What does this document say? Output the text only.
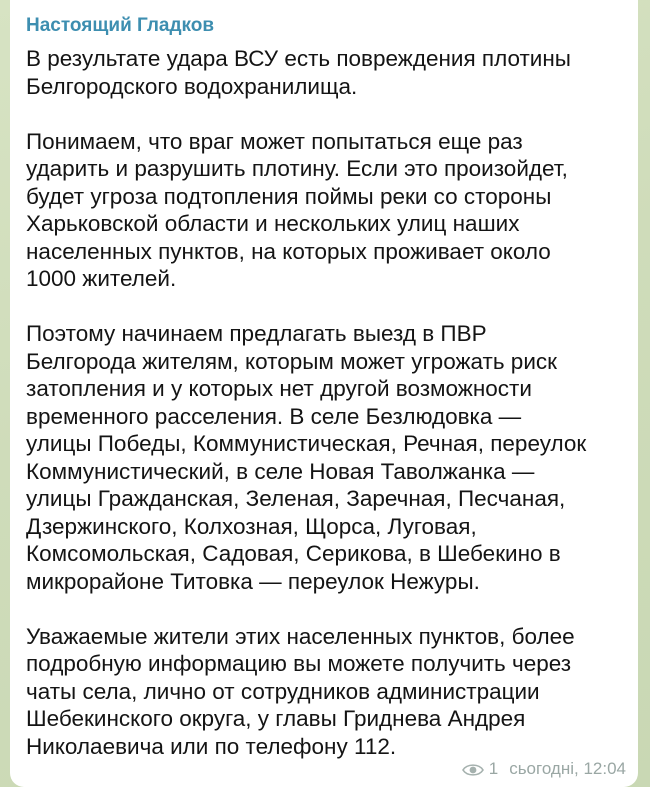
Настоящий Гладков
В результате удара ВСУ есть повреждения плотины
Белгородского водохранилища.
Понимаем, что враг может попытаться еще раз
ударить и разрушить плотину. Если это произойдет,
будет угроза подтопления поймы реки со стороны
Харьковской области и нескольких улиц наших
населенных пунктов, на которых проживает около
1000 жителей.
Поэтому начинаем предлагать выезд в ПВР
Белгорода жителям, которым может угрожать риск
затопления и у которых нет другой возможности
временного расселения. В селе Безлюдовка —
улицы Победы, Коммунистическая, Речная, переулок
Коммунистический, в селе Новая Таволжанка —
улицы Гражданская, Зеленая, Заречная, Песчаная,
Дзержинского, Колхозная, Щорса, Луговая,
Комсомольская, Садовая, Серикова, в Шебекино в
микрорайоне Титовка — переулок Нежуры.
Уважаемые жители этих населенных пунктов, более
подробную информацию вы можете получить через
чаты села, лично от сотрудников администрации
Шебекинского округа, у главы Гриднева Андрея
Николаевича или по телефону 112.
1 сьогодні, 12:04
